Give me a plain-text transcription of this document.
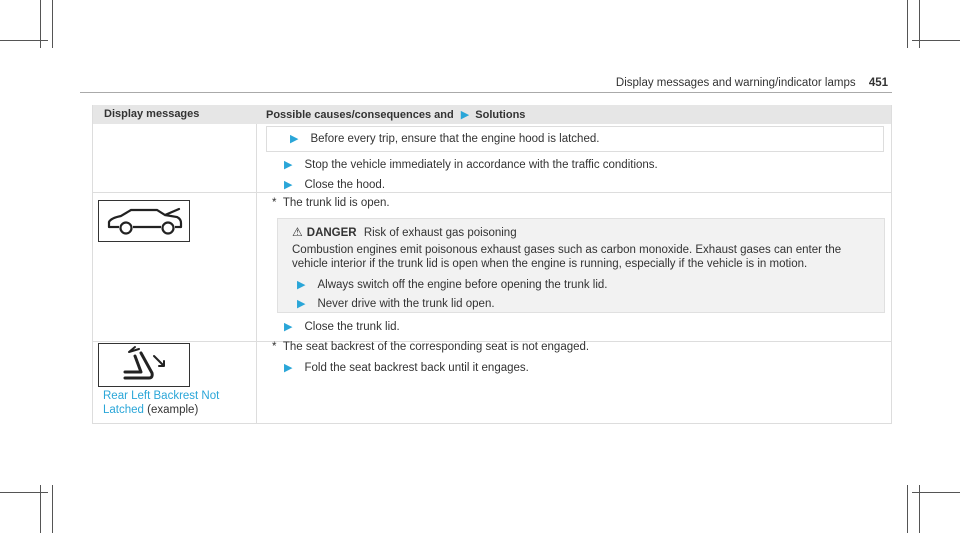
Display messages and warning/indicator lamps 451
Display messages	Possible causes/consequences and ▶ Solutions
▶ Before every trip, ensure that the engine hood is latched.
▶ Stop the vehicle immediately in accordance with the traffic conditions.
▶ Close the hood.
*  The trunk lid is open.
⚠ DANGER Risk of exhaust gas poisoning
Combustion engines emit poisonous exhaust gases such as carbon monoxide. Exhaust gases can enter the
vehicle interior if the trunk lid is open when the engine is running, especially if the vehicle is in motion.
▶ Always switch off the engine before opening the trunk lid.
▶ Never drive with the trunk lid open.
▶ Close the trunk lid.
Rear Left Backrest Not
Latched (example)
*  The seat backrest of the corresponding seat is not engaged.
▶ Fold the seat backrest back until it engages.
